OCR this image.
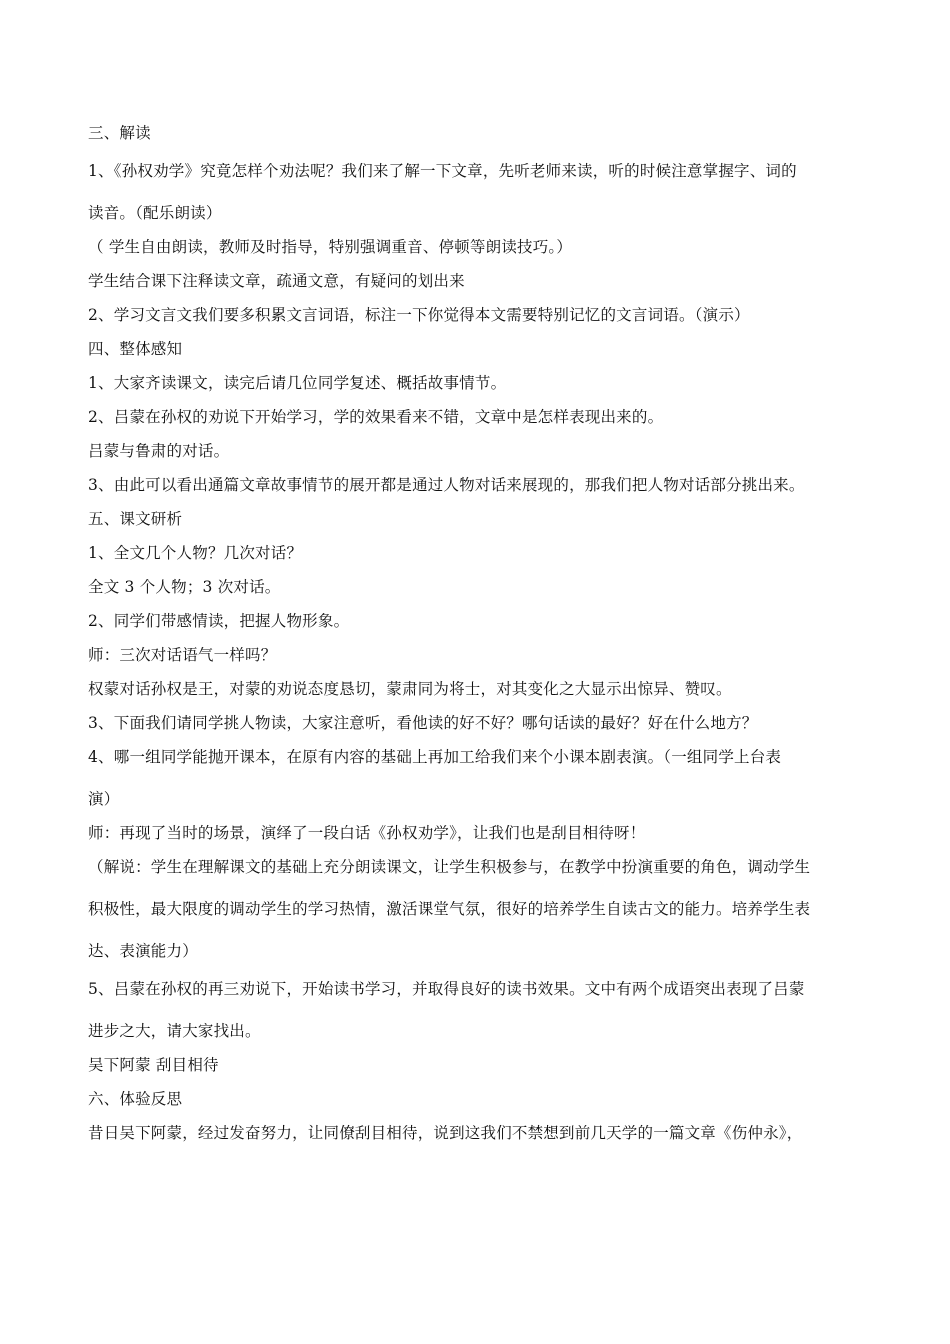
三、解读
1、《孙权劝学》究竟怎样个劝法呢？我们来了解一下文章，先听老师来读，听的时候注意掌握字、词的
读音。（配乐朗读）
（ 学生自由朗读，教师及时指导，特别强调重音、停顿等朗读技巧。）
学生结合课下注释读文章，疏通文意，有疑问的划出来
2、学习文言文我们要多积累文言词语，标注一下你觉得本文需要特别记忆的文言词语。（演示）
四、整体感知
1、大家齐读课文，读完后请几位同学复述、概括故事情节。
2、吕蒙在孙权的劝说下开始学习，学的效果看来不错，文章中是怎样表现出来的。
吕蒙与鲁肃的对话。
3、由此可以看出通篇文章故事情节的展开都是通过人物对话来展现的，那我们把人物对话部分挑出来。
五、课文研析
1、全文几个人物？几次对话？
全文 3 个人物；3 次对话。
2、同学们带感情读，把握人物形象。
师：三次对话语气一样吗？
权蒙对话孙权是王，对蒙的劝说态度恳切，蒙肃同为将士，对其变化之大显示出惊异、赞叹。
3、下面我们请同学挑人物读，大家注意听，看他读的好不好？哪句话读的最好？好在什么地方？
4、哪一组同学能抛开课本，在原有内容的基础上再加工给我们来个小课本剧表演。（一组同学上台表
演）
师：再现了当时的场景，演绎了一段白话《孙权劝学》，让我们也是刮目相待呀！
（解说：学生在理解课文的基础上充分朗读课文，让学生积极参与，在教学中扮演重要的角色，调动学生
积极性，最大限度的调动学生的学习热情，激活课堂气氛，很好的培养学生自读古文的能力。培养学生表
达、表演能力）
5、吕蒙在孙权的再三劝说下，开始读书学习，并取得良好的读书效果。文中有两个成语突出表现了吕蒙
进步之大，请大家找出。
吴下阿蒙 刮目相待
六、体验反思
昔日吴下阿蒙，经过发奋努力，让同僚刮目相待，说到这我们不禁想到前几天学的一篇文章《伤仲永》，
